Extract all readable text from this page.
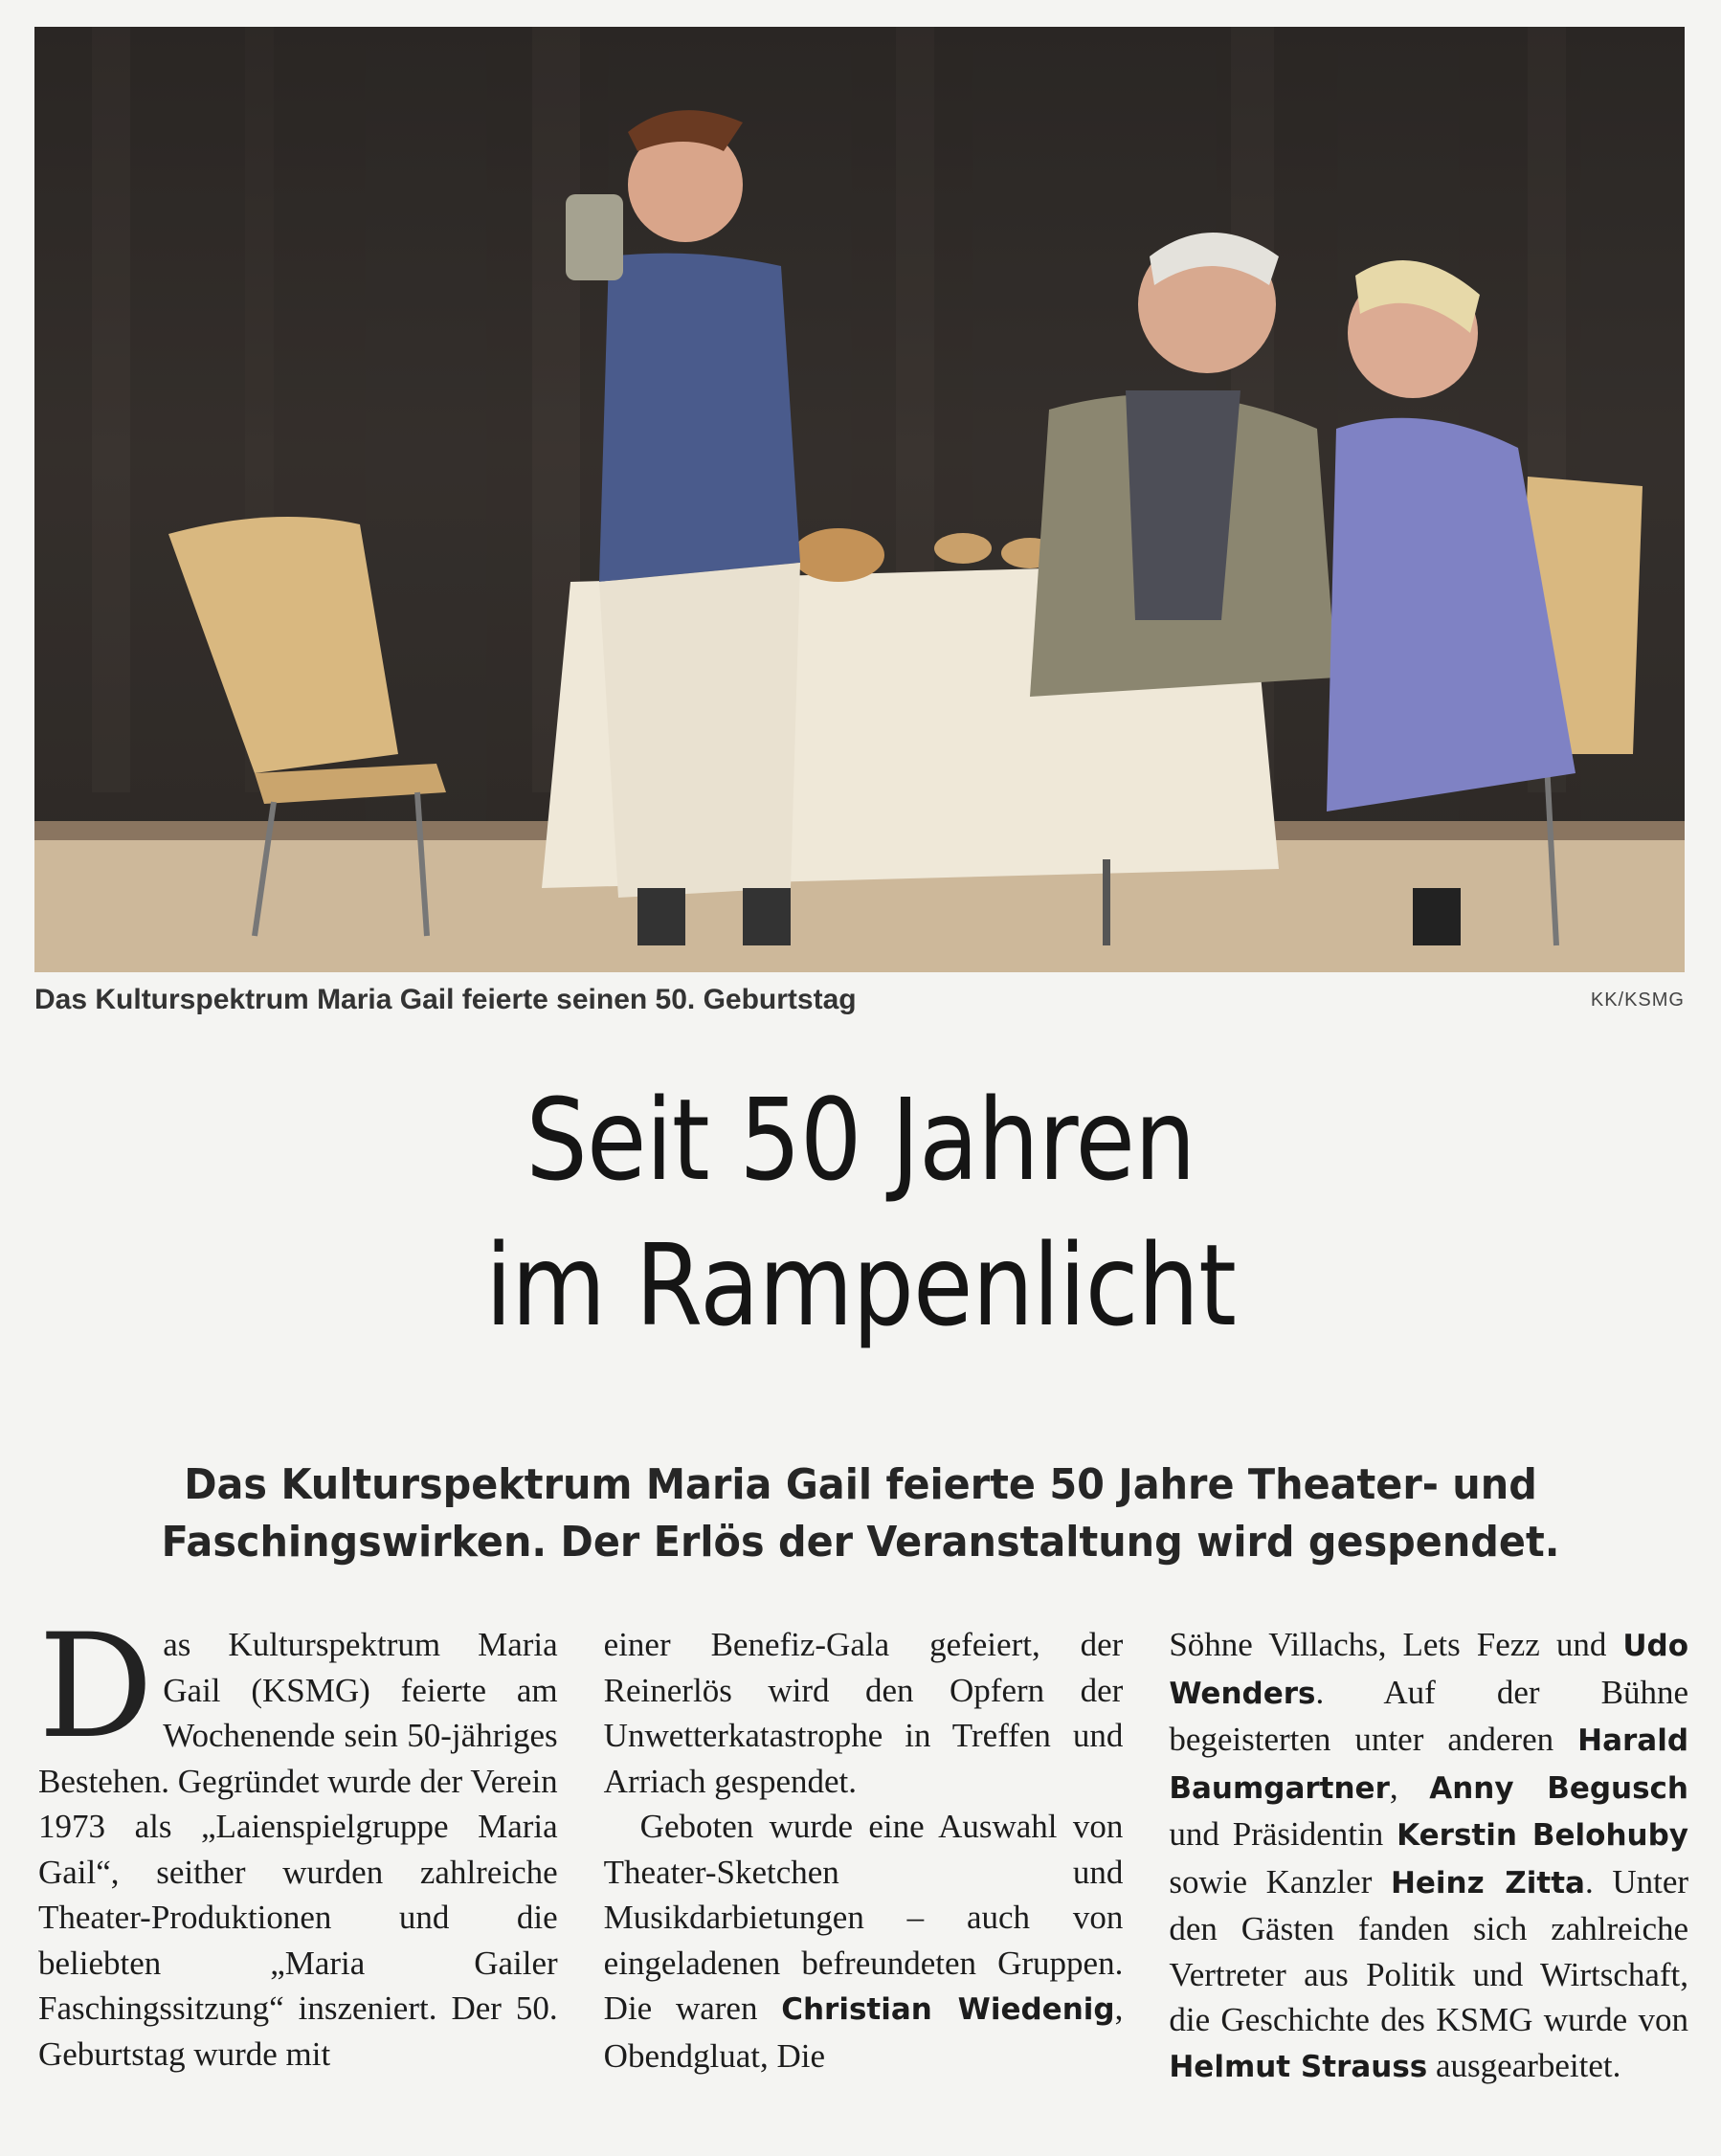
Das Kulturspektrum Maria Gail feierte seinen 50. Geburtstag	KK/KSMG
Seit 50 Jahren
im Rampenlicht
Das Kulturspektrum Maria Gail feierte 50 Jahre Theater- und
Faschingswirken. Der Erlös der Veranstaltung wird gespendet.

Das Kulturspektrum Maria Gail (KSMG) feierte am Wochenende sein 50-jähriges Bestehen. Gegründet wurde der Verein 1973 als „Laienspielgruppe Maria Gail“, seither wurden zahlreiche Theater-Produktionen und die beliebten „Maria Gailer Faschingssitzung“ inszeniert. Der 50. Geburtstag wurde mit

einer Benefiz-Gala gefeiert, der Reinerlös wird den Opfern der Unwetterkatastrophe in Treffen und Arriach gespendet.

Geboten wurde eine Auswahl von Theater-Sketchen und Musikdarbietungen – auch von eingeladenen befreundeten Gruppen. Die waren Christian Wiedenig, Obendgluat, Die

Söhne Villachs, Lets Fezz und Udo Wenders. Auf der Bühne begeisterten unter anderen Harald Baumgartner, Anny Begusch und Präsidentin Kerstin Belohuby sowie Kanzler Heinz Zitta. Unter den Gästen fanden sich zahlreiche Vertreter aus Politik und Wirtschaft, die Geschichte des KSMG wurde von Helmut Strauss ausgearbeitet.
